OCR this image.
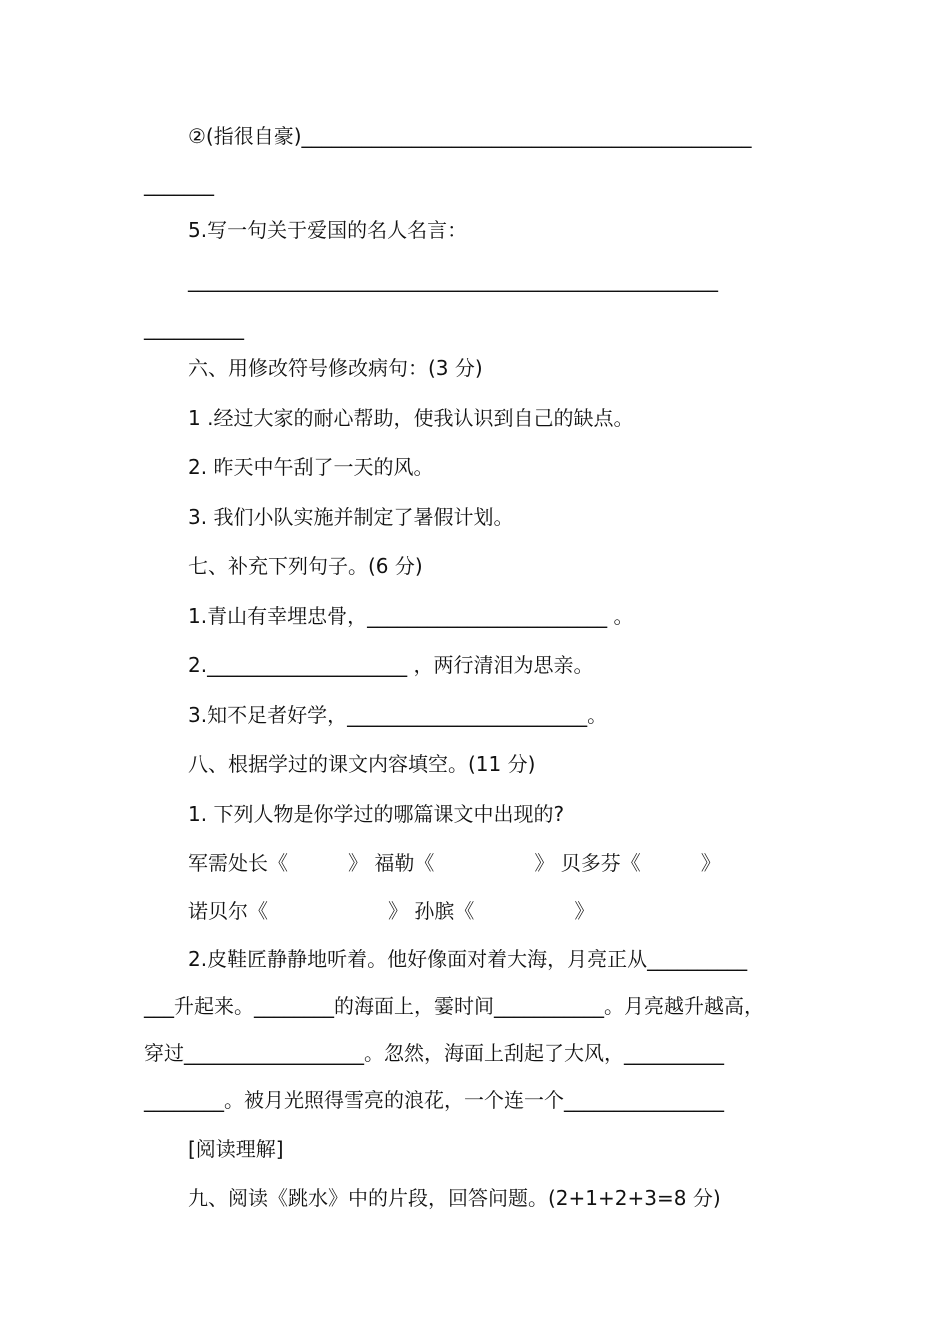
②(指很自豪)_____________________________________________
_______
5.写一句关于爱国的名人名言：
_____________________________________________________
__________
六、用修改符号修改病句：(3 分)
1 .经过大家的耐心帮助，使我认识到自己的缺点。
2. 昨天中午刮了一天的风。
3. 我们小队实施并制定了暑假计划。
七、补充下列句子。(6 分)
1.青山有幸埋忠骨，________________________ 。
2.____________________ ，两行清泪为思亲。
3.知不足者好学，________________________。
八、根据学过的课文内容填空。(11 分)
1. 下列人物是你学过的哪篇课文中出现的?
军需处长《　　　》 福勒《　　　　　》 贝多芬《　　　》
诺贝尔《　　　　　　》 孙膑《　　　　　》
2.皮鞋匠静静地听着。他好像面对着大海，月亮正从__________
___升起来。________的海面上，霎时间___________。月亮越升越高，
穿过__________________。忽然，海面上刮起了大风，__________
________。被月光照得雪亮的浪花，一个连一个________________
[阅读理解]
九、阅读《跳水》中的片段，回答问题。(2+1+2+3=8 分)
